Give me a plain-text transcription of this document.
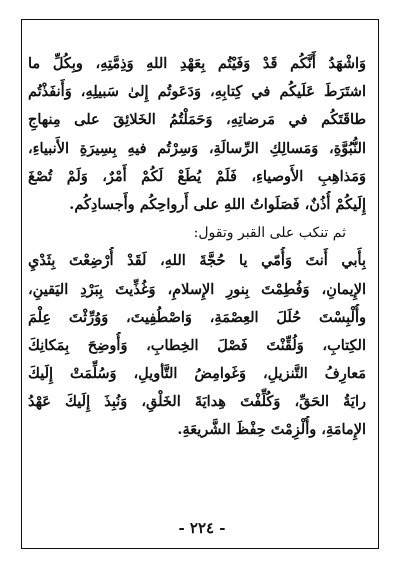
وَاشْهَدُ أَنَّكُم قَدْ وَفَيْتُم بِعَهْدِ اللهِ وَذِمَّتِهِ، وبِكُلِّ ما
اشتَرَطَ عَلَيكُم في كِتابِهِ، وَدَعَوتُم إِلىٰ سَبيلِهِ، وَأَنفَذْتُم
طاقَتَكُم في مَرضاتِهِ، وَحَمَلْتُمُ الخَلائِقَ على مِنهاجِ
النُّبُوَّةِ، وَمَسالِكِ الرِّسالَةِ، وَسِرْتُم فيهِ بِسِيرَةِ الأَنبياءِ،
وَمَذاهِبِ الأَوصياءِ، فَلَمْ يُطَعْ لَكُمْ أَمْرٌ، وَلَمْ تُصْغَ
إِلَيكُمْ أُذُنٌ، فَصَلَواتُ اللهِ على أَرواحِكُم وأَجسادِكُم.
ثم تنكب على القبر وتقول:
بِأَبي أَنتَ وَأُمّي يا حُجَّةَ اللهِ، لَقَدْ أُرْضِعْتَ بِثَدْيِ
الإِيمانِ، وَفُطِمْتَ بِنورِ الإِسلامِ، وَغُذِّيتَ بِبَرْدِ اليَقينِ،
وأُلْبِسْتَ حُلَلَ العِصْمَةِ، وَاصْطُفِيتَ، وَوُرِّثْتَ عِلْمَ
الكِتابِ، وَلُقِّنْتَ فَصْلَ الخِطابِ، وَأُوضِحَ بِمَكانِكَ
مَعارِفُ التَّنزيلِ، وَغَوامِضُ التَّأويلِ، وَسُلِّمَتْ إِلَيكَ
رايَةُ الحَقِّ، وَكُلِّفْتَ هِدايَةَ الخَلْقِ، وَنُبِذَ إِلَيكَ عَهْدُ
الإِمامَةِ، وأُلْزِمْتَ حِفْظَ الشَّريعَةِ.
- ٢٢٤ -
